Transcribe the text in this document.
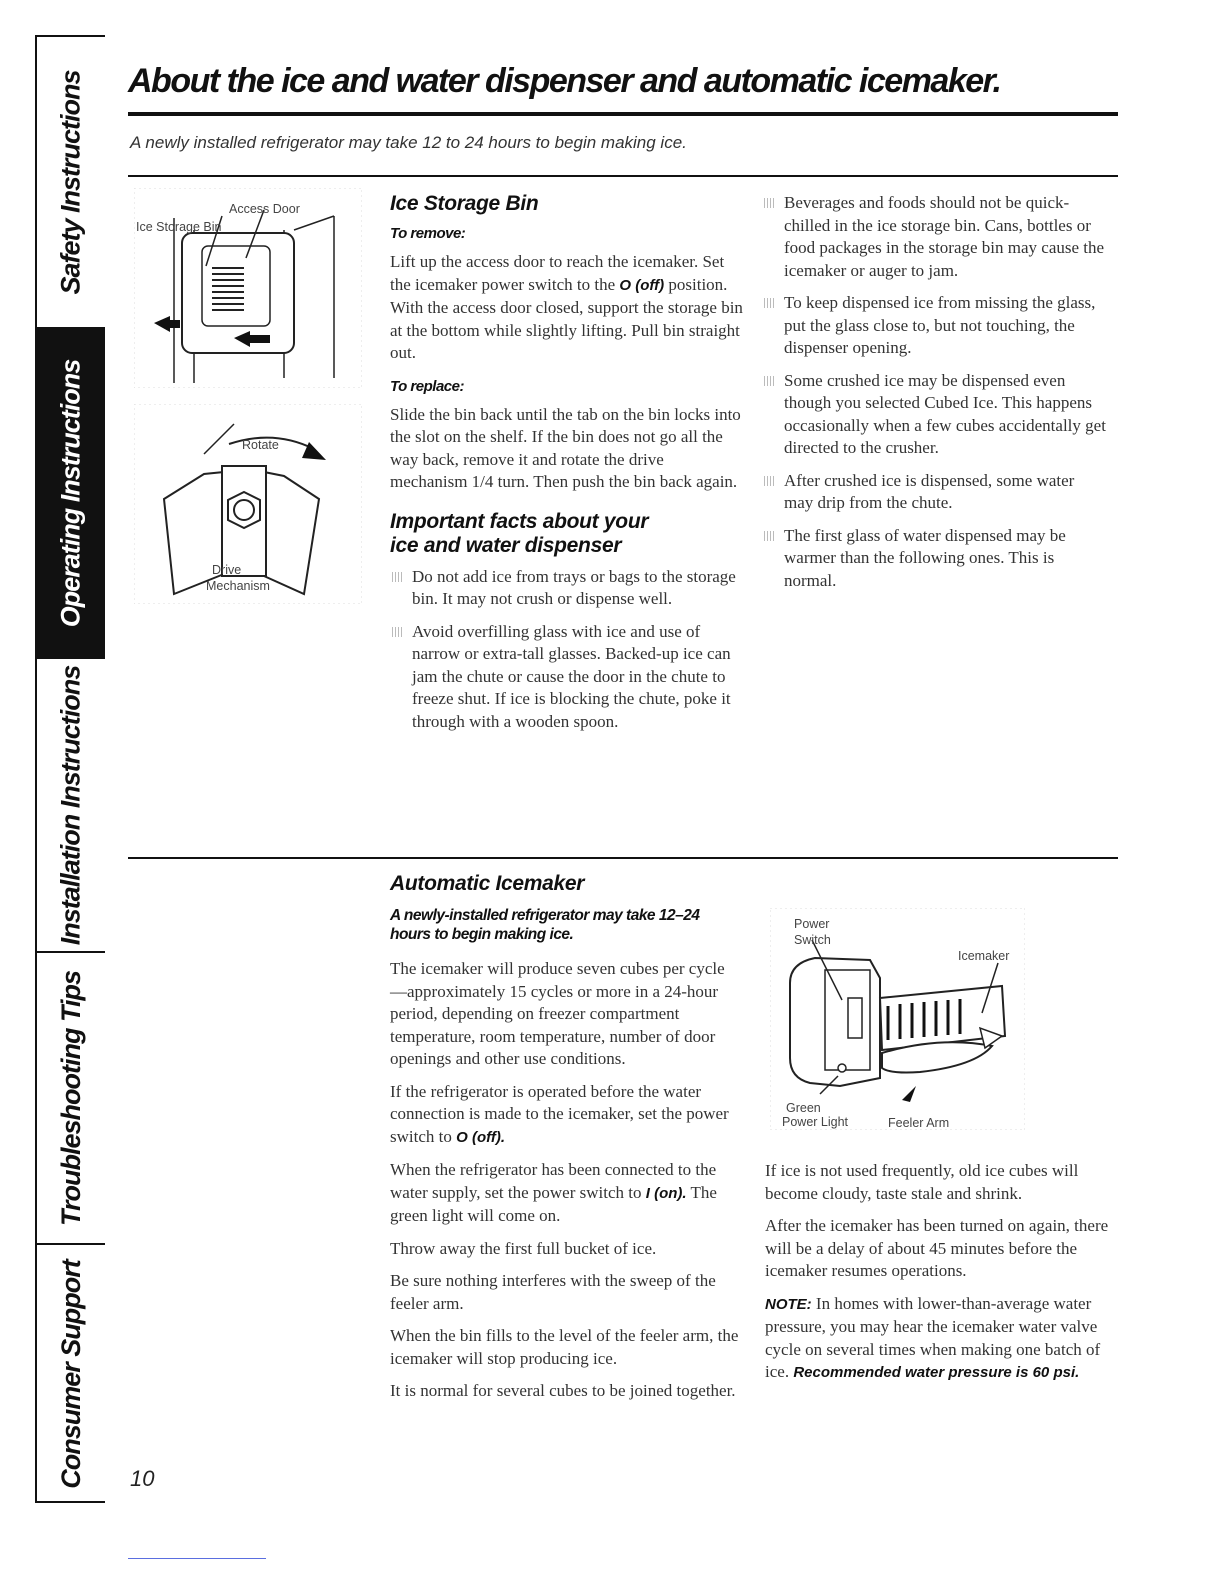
Safety Instructions
Operating Instructions
Installation Instructions
Troubleshooting Tips
Consumer Support
About the ice and water dispenser and automatic icemaker.

A newly installed refrigerator may take 12 to 24 hours to begin making ice.

Access Door
Ice Storage Bin
Rotate
Drive
Mechanism
Ice Storage Bin
To remove:

Lift up the access door to reach the icemaker. Set the icemaker power switch to the O (off) position. With the access door closed, support the storage bin at the bottom while slightly lifting. Pull bin straight out.

To replace:

Slide the bin back until the tab on the bin locks into the slot on the shelf. If the bin does not go all the way back, remove it and rotate the drive mechanism 1/4 turn. Then push the bin back again.

Important facts about your
ice and water dispenser

Do not add ice from trays or bags to the storage bin. It may not crush or dispense well.

Avoid overfilling glass with ice and use of narrow or extra-tall glasses. Backed-up ice can jam the chute or cause the door in the chute to freeze shut. If ice is blocking the chute, poke it through with a wooden spoon.

Beverages and foods should not be quick-chilled in the ice storage bin. Cans, bottles or food packages in the storage bin may cause the icemaker or auger to jam.

To keep dispensed ice from missing the glass, put the glass close to, but not touching, the dispenser opening.

Some crushed ice may be dispensed even though you selected Cubed Ice. This happens occasionally when a few cubes accidentally get directed to the crusher.

After crushed ice is dispensed, some water may drip from the chute.

The first glass of water dispensed may be warmer than the following ones. This is normal.

Automatic Icemaker
A newly-installed refrigerator may take 12–24 hours to begin making ice.

The icemaker will produce seven cubes per cycle—approximately 15 cycles or more in a 24-hour period, depending on freezer compartment temperature, room temperature, number of door openings and other use conditions.

If the refrigerator is operated before the water connection is made to the icemaker, set the power switch to O (off).

When the refrigerator has been connected to the water supply, set the power switch to I (on). The green light will come on.

Throw away the first full bucket of ice.

Be sure nothing interferes with the sweep of the feeler arm.

When the bin fills to the level of the feeler arm, the icemaker will stop producing ice.

It is normal for several cubes to be joined together.

Power
Switch
Icemaker
Green
Power Light	Feeler Arm

If ice is not used frequently, old ice cubes will become cloudy, taste stale and shrink.

After the icemaker has been turned on again, there will be a delay of about 45 minutes before the icemaker resumes operations.

NOTE: In homes with lower-than-average water pressure, you may hear the icemaker water valve cycle on several times when making one batch of ice. Recommended water pressure is 60 psi.

10
